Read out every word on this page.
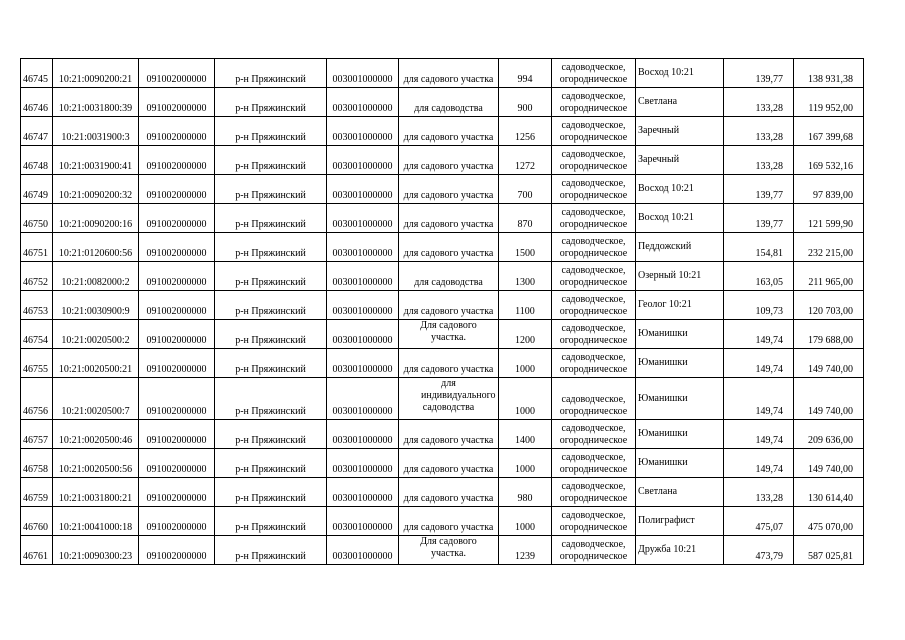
46745	10:21:0090200:21	091002000000	р-н Пряжинский	003001000000	для садового участка	994	садоводческое,
огородническое	Восход 10:21	139,77	138 931,38
46746	10:21:0031800:39	091002000000	р-н Пряжинский	003001000000	для садоводства	900	садоводческое,
огородническое	Светлана	133,28	119 952,00
46747	10:21:0031900:3	091002000000	р-н Пряжинский	003001000000	для садового участка	1256	садоводческое,
огородническое	Заречный	133,28	167 399,68
46748	10:21:0031900:41	091002000000	р-н Пряжинский	003001000000	для садового участка	1272	садоводческое,
огородническое	Заречный	133,28	169 532,16
46749	10:21:0090200:32	091002000000	р-н Пряжинский	003001000000	для садового участка	700	садоводческое,
огородническое	Восход 10:21	139,77	97 839,00
46750	10:21:0090200:16	091002000000	р-н Пряжинский	003001000000	для садового участка	870	садоводческое,
огородническое	Восход 10:21	139,77	121 599,90
46751	10:21:0120600:56	091002000000	р-н Пряжинский	003001000000	для садового участка	1500	садоводческое,
огородническое	Педдожский	154,81	232 215,00
46752	10:21:0082000:2	091002000000	р-н Пряжинский	003001000000	для садоводства	1300	садоводческое,
огородническое	Озерный 10:21	163,05	211 965,00
46753	10:21:0030900:9	091002000000	р-н Пряжинский	003001000000	для садового участка	1100	садоводческое,
огородническое	Геолог 10:21	109,73	120 703,00
46754	10:21:0020500:2	091002000000	р-н Пряжинский	003001000000	Для садового участка.	1200	садоводческое,
огородническое	Юманишки	149,74	179 688,00
46755	10:21:0020500:21	091002000000	р-н Пряжинский	003001000000	для садового участка	1000	садоводческое,
огородническое	Юманишки	149,74	149 740,00
46756	10:21:0020500:7	091002000000	р-н Пряжинский	003001000000	для индивидуального садоводства	1000	садоводческое,
огородническое	Юманишки	149,74	149 740,00
46757	10:21:0020500:46	091002000000	р-н Пряжинский	003001000000	для садового участка	1400	садоводческое,
огородническое	Юманишки	149,74	209 636,00
46758	10:21:0020500:56	091002000000	р-н Пряжинский	003001000000	для садового участка	1000	садоводческое,
огородническое	Юманишки	149,74	149 740,00
46759	10:21:0031800:21	091002000000	р-н Пряжинский	003001000000	для садового участка	980	садоводческое,
огородническое	Светлана	133,28	130 614,40
46760	10:21:0041000:18	091002000000	р-н Пряжинский	003001000000	для садового участка	1000	садоводческое,
огородническое	Полиграфист	475,07	475 070,00
46761	10:21:0090300:23	091002000000	р-н Пряжинский	003001000000	Для садового участка.	1239	садоводческое,
огородническое	Дружба 10:21	473,79	587 025,81
